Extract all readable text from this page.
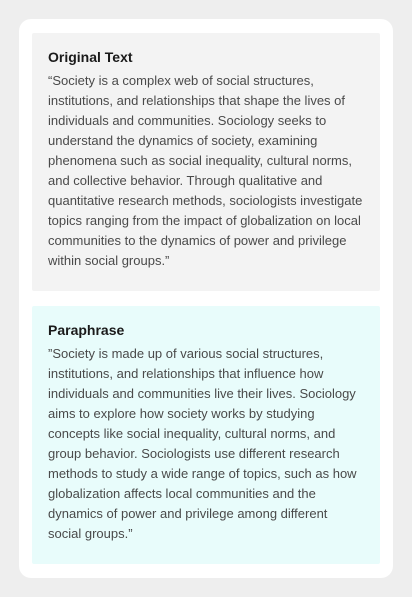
Original Text

“Society is a complex web of social structures, institutions, and relationships that shape the lives of individuals and communities. Sociology seeks to understand the dynamics of society, examining phenomena such as social inequality, cultural norms, and collective behavior. Through qualitative and quantitative research methods, sociologists investigate topics ranging from the impact of globalization on local communities to the dynamics of power and privilege within social groups.”

Paraphrase

”Society is made up of various social structures, institutions, and relationships that influence how individuals and communities live their lives. Sociology aims to explore how society works by studying concepts like social inequality, cultural norms, and group behavior. Sociologists use different research methods to study a wide range of topics, such as how globalization affects local communities and the dynamics of power and privilege among different social groups.”
